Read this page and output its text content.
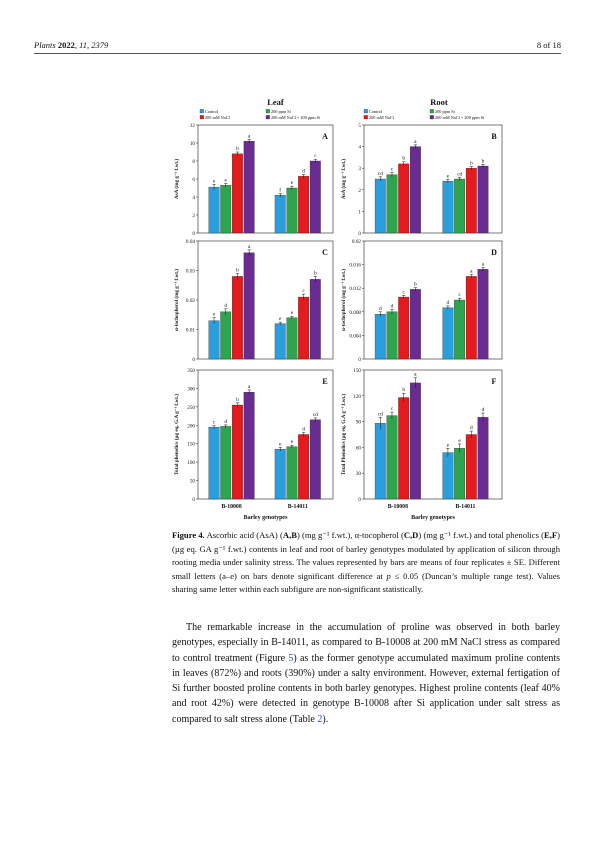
Plants 2022, 11, 2379	8 of 18
Leaf	Root
Control	200 ppm Si
200 mM NaCl	200 mM NaCl + 200 ppm Si
Control	200 ppm Si
200 mM NaCl	200 mM NaCl + 200 ppm Si
0
2
4
6
8
10
12
AsA (mg g⁻¹ f.wt.)
A
e e
b
a
f
e
d
c
0
1
2
3
4
5
AsA (mg g⁻¹ f.wt.)
B
cd
c
b
a
e cd
b b
0
0.01
0.02
0.03
0.04
α-tochopherol (mg g⁻¹ f.wt.)
C
e
d
b
a
e
e
c
b
0
0.004
0.008
0.012
0.016
0.02
α-tochopherol (mg g⁻¹ f.wt.)
D
d d
c
b
d
c
a
a
0
50
100
150
200
250
300
350
Total phenolics (µg eq. G.A g⁻¹ f.wt.)
E
c d
b
a
B-10008
e e
d
cd
B-14011
Barley genotypes
0
30
60
90
120
150
Total Phenolics (µg eq. G.A g⁻¹ f.wt.)
F
cd
c
b
a
B-10008
e
e
d
d
B-14011
Barley genotypes
Figure 4. Ascorbic acid (AsA) (A,B) (mg g⁻¹ f.wt.), α-tocopherol (C,D) (mg g⁻¹ f.wt.) and total phenolics (E,F) (µg eq. GA g⁻¹ f.wt.) contents in leaf and root of barley genotypes modulated by application of silicon through rooting media under salinity stress. The values represented by bars are means of four replicates ± SE. Different small letters (a–e) on bars denote significant difference at p ≤ 0.05 (Duncan’s multiple range test). Values sharing same letter within each subfigure are non-significant statistically.

The remarkable increase in the accumulation of proline was observed in both barley genotypes, especially in B-14011, as compared to B-10008 at 200 mM NaCl stress as compared to control treatment (Figure 5) as the former genotype accumulated maximum proline contents in leaves (872%) and roots (390%) under a salty environment. However, external fertigation of Si further boosted proline contents in both barley genotypes. Highest proline contents (leaf 40% and root 42%) were detected in genotype B-10008 after Si application under salt stress as compared to salt stress alone (Table 2).
